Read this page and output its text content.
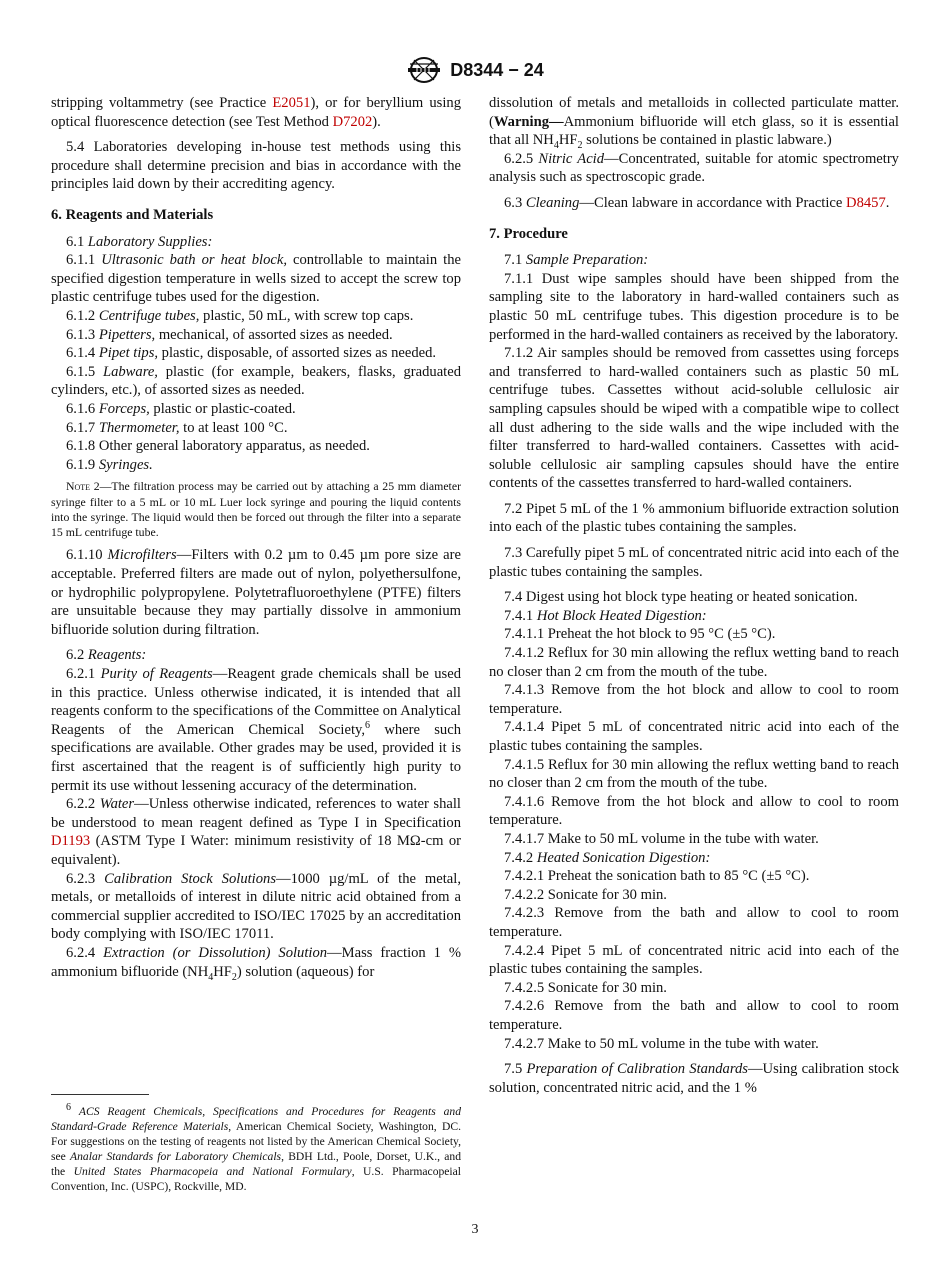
D8344 − 24

stripping voltammetry (see Practice E2051), or for beryllium using optical fluorescence detection (see Test Method D7202).

5.4 Laboratories developing in-house test methods using this procedure shall determine precision and bias in accordance with the principles laid down by their accrediting agency.

6. Reagents and Materials

6.1 Laboratory Supplies:

6.1.1 Ultrasonic bath or heat block, controllable to maintain the specified digestion temperature in wells sized to accept the screw top plastic centrifuge tubes used for the digestion.

6.1.2 Centrifuge tubes, plastic, 50 mL, with screw top caps.

6.1.3 Pipetters, mechanical, of assorted sizes as needed.

6.1.4 Pipet tips, plastic, disposable, of assorted sizes as needed.

6.1.5 Labware, plastic (for example, beakers, flasks, graduated cylinders, etc.), of assorted sizes as needed.

6.1.6 Forceps, plastic or plastic-coated.

6.1.7 Thermometer, to at least 100 °C.

6.1.8 Other general laboratory apparatus, as needed.

6.1.9 Syringes.

Note 2—The filtration process may be carried out by attaching a 25 mm diameter syringe filter to a 5 mL or 10 mL Luer lock syringe and pouring the liquid contents into the syringe. The liquid would then be forced out through the filter into a separate 15 mL centrifuge tube.

6.1.10 Microfilters—Filters with 0.2 µm to 0.45 µm pore size are acceptable. Preferred filters are made out of nylon, polyethersulfone, or hydrophilic polypropylene. Polytetrafluoroethylene (PTFE) filters are unsuitable because they may partially dissolve in ammonium bifluoride solution during filtration.

6.2 Reagents:

6.2.1 Purity of Reagents—Reagent grade chemicals shall be used in this practice. Unless otherwise indicated, it is intended that all reagents conform to the specifications of the Committee on Analytical Reagents of the American Chemical Society,$^6$ where such specifications are available. Other grades may be used, provided it is first ascertained that the reagent is of sufficiently high purity to permit its use without lessening accuracy of the determination.

6.2.2 Water—Unless otherwise indicated, references to water shall be understood to mean reagent defined as Type I in Specification D1193 (ASTM Type I Water: minimum resistivity of 18 MΩ-cm or equivalent).

6.2.3 Calibration Stock Solutions—1000 µg/mL of the metal, metals, or metalloids of interest in dilute nitric acid obtained from a commercial supplier accredited to ISO/IEC 17025 by an accreditation body complying with ISO/IEC 17011.

6.2.4 Extraction (or Dissolution) Solution—Mass fraction 1 % ammonium bifluoride $(NH_4HF_2)$ solution (aqueous) for

$^6$ ACS Reagent Chemicals, Specifications and Procedures for Reagents and Standard-Grade Reference Materials, American Chemical Society, Washington, DC. For suggestions on the testing of reagents not listed by the American Chemical Society, see Analar Standards for Laboratory Chemicals, BDH Ltd., Poole, Dorset, U.K., and the United States Pharmacopeia and National Formulary, U.S. Pharmacopeial Convention, Inc. (USPC), Rockville, MD.

dissolution of metals and metalloids in collected particulate matter. (Warning—Ammonium bifluoride will etch glass, so it is essential that all $NH_4HF_2$ solutions be contained in plastic labware.)

6.2.5 Nitric Acid—Concentrated, suitable for atomic spectrometry analysis such as spectroscopic grade.

6.3 Cleaning—Clean labware in accordance with Practice D8457.

7. Procedure

7.1 Sample Preparation:

7.1.1 Dust wipe samples should have been shipped from the sampling site to the laboratory in hard-walled containers such as plastic 50 mL centrifuge tubes. This digestion procedure is to be performed in the hard-walled containers as received by the laboratory.

7.1.2 Air samples should be removed from cassettes using forceps and transferred to hard-walled containers such as plastic 50 mL centrifuge tubes. Cassettes without acid-soluble cellulosic air sampling capsules should be wiped with a compatible wipe to collect all dust adhering to the side walls and the wipe included with the filter transferred to hard-walled containers. Cassettes with acid-soluble cellulosic air sampling capsules should have the entire contents of the cassettes transferred to hard-walled containers.

7.2 Pipet 5 mL of the 1 % ammonium bifluoride extraction solution into each of the plastic tubes containing the samples.

7.3 Carefully pipet 5 mL of concentrated nitric acid into each of the plastic tubes containing the samples.

7.4 Digest using hot block type heating or heated sonication.

7.4.1 Hot Block Heated Digestion:

7.4.1.1 Preheat the hot block to 95 °C (±5 °C).

7.4.1.2 Reflux for 30 min allowing the reflux wetting band to reach no closer than 2 cm from the mouth of the tube.

7.4.1.3 Remove from the hot block and allow to cool to room temperature.

7.4.1.4 Pipet 5 mL of concentrated nitric acid into each of the plastic tubes containing the samples.

7.4.1.5 Reflux for 30 min allowing the reflux wetting band to reach no closer than 2 cm from the mouth of the tube.

7.4.1.6 Remove from the hot block and allow to cool to room temperature.

7.4.1.7 Make to 50 mL volume in the tube with water.

7.4.2 Heated Sonication Digestion:

7.4.2.1 Preheat the sonication bath to 85 °C (±5 °C).

7.4.2.2 Sonicate for 30 min.

7.4.2.3 Remove from the bath and allow to cool to room temperature.

7.4.2.4 Pipet 5 mL of concentrated nitric acid into each of the plastic tubes containing the samples.

7.4.2.5 Sonicate for 30 min.

7.4.2.6 Remove from the bath and allow to cool to room temperature.

7.4.2.7 Make to 50 mL volume in the tube with water.

7.5 Preparation of Calibration Standards—Using calibration stock solution, concentrated nitric acid, and the 1 %

3
